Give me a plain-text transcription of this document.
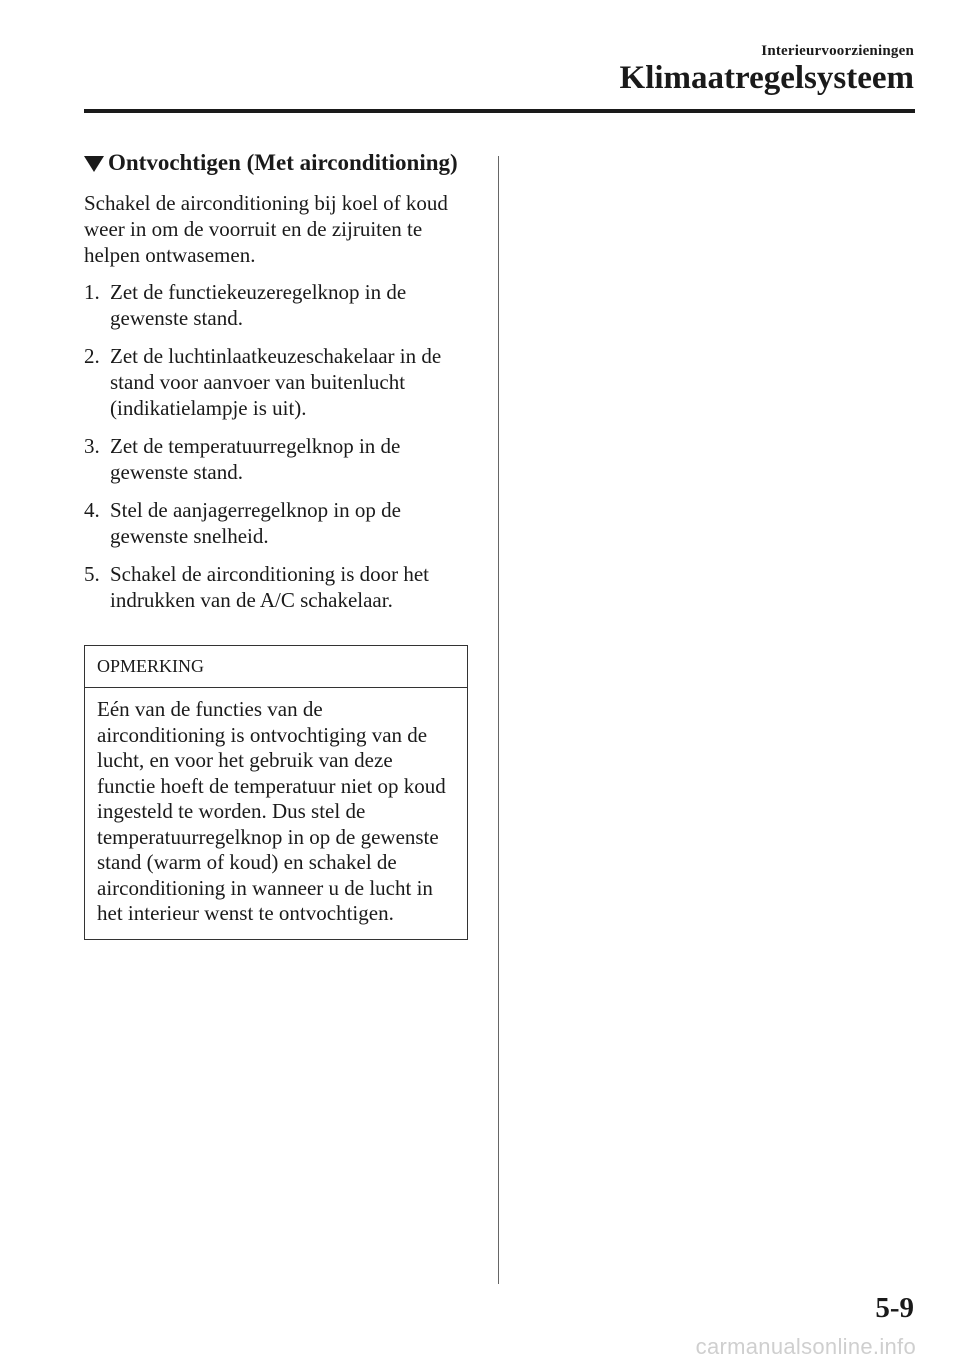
Interieurvoorzieningen
Klimaatregelsysteem
Ontvochtigen (Met airconditioning)

Schakel de airconditioning bij koel of koud weer in om de voorruit en de zijruiten te helpen ontwasemen.

1. Zet de functiekeuzeregelknop in de gewenste stand.
2. Zet de luchtinlaatkeuzeschakelaar in de stand voor aanvoer van buitenlucht (indikatielampje is uit).
3. Zet de temperatuurregelknop in de gewenste stand.
4. Stel de aanjagerregelknop in op de gewenste snelheid.
5. Schakel de airconditioning is door het indrukken van de A/C schakelaar.
OPMERKING
Eén van de functies van de airconditioning is ontvochtiging van de lucht, en voor het gebruik van deze functie hoeft de temperatuur niet op koud ingesteld te worden. Dus stel de temperatuurregelknop in op de gewenste stand (warm of koud) en schakel de airconditioning in wanneer u de lucht in het interieur wenst te ontvochtigen.
5-9
carmanualsonline.info
